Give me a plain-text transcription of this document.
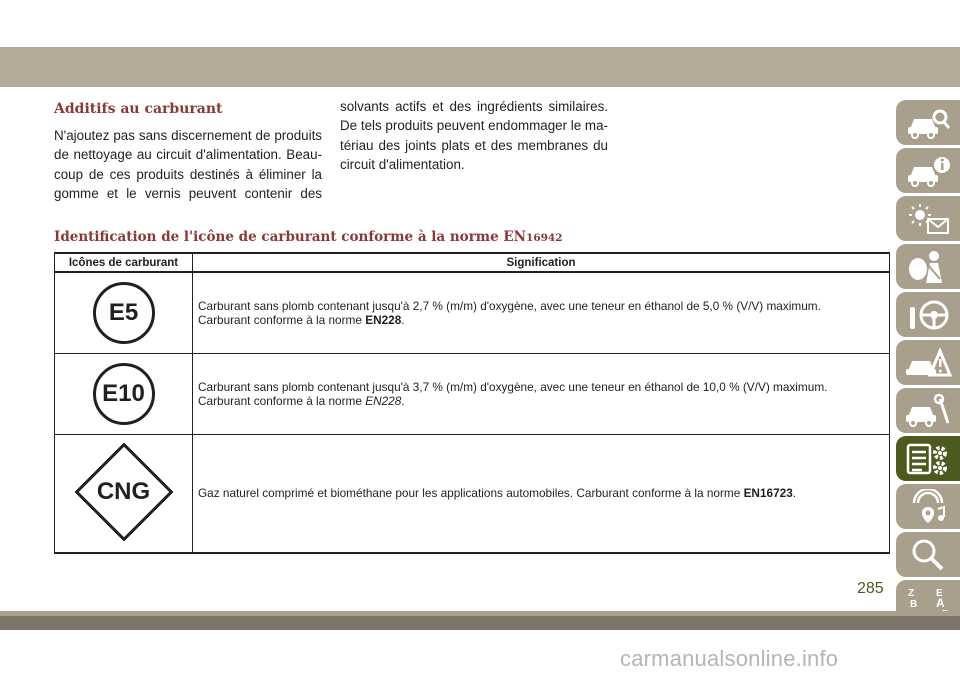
Additifs au carburant
N'ajoutez pas sans discernement de produits
de nettoyage au circuit d'alimentation. Beau-
coup de ces produits destinés à éliminer la
gomme et le vernis peuvent contenir des
solvants actifs et des ingrédients similaires.
De tels produits peuvent endommager le ma-
tériau des joints plats et des membranes du
circuit d'alimentation.
Identification de l'icône de carburant conforme à la norme EN16942
Icônes de carburant	Signification
E5	Carburant sans plomb contenant jusqu'à 2,7 % (m/m) d'oxygène, avec une teneur en éthanol de 5,0 % (V/V) maximum.
Carburant conforme à la norme EN228.
E10	Carburant sans plomb contenant jusqu'à 3,7 % (m/m) d'oxygène, avec une teneur en éthanol de 10,0 % (V/V) maximum.
Carburant conforme à la norme EN228.

CNG	Gaz naturel comprimé et biométhane pour les applications automobiles. Carburant conforme à la norme EN16723.
Z E
B A
285
carmanualsonline.info
